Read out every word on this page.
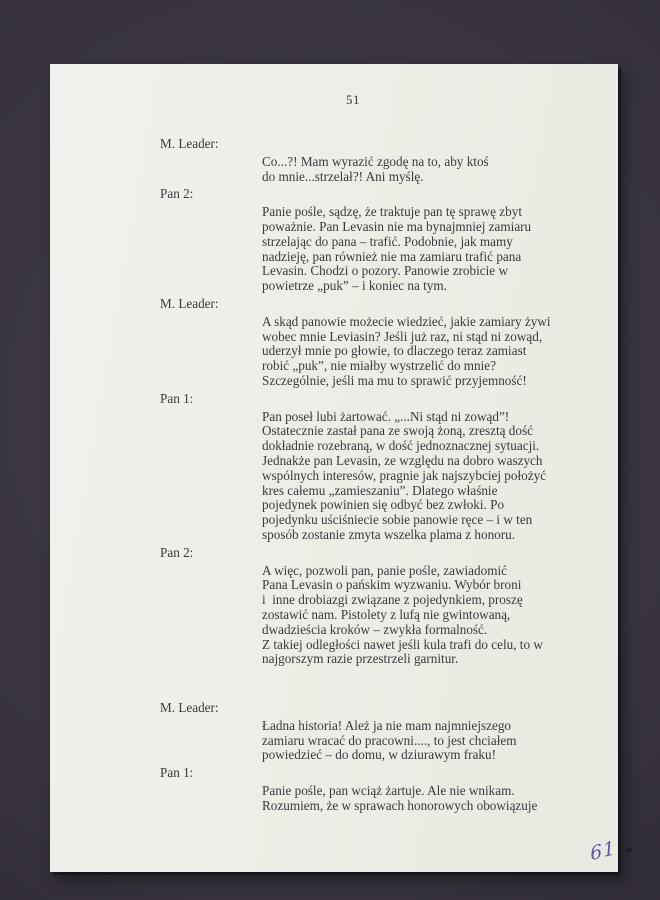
51
M. Leader:
Co...?! Mam wyrazić zgodę na to, aby ktoś
do mnie...strzelał?! Ani myślę.
Pan 2:
Panie pośle, sądzę, że traktuje pan tę sprawę zbyt
poważnie. Pan Levasin nie ma bynajmniej zamiaru
strzelając do pana – trafić. Podobnie, jak mamy
nadzieję, pan również nie ma zamiaru trafić pana
Levasin. Chodzi o pozory. Panowie zrobicie w
powietrze „puk” – i koniec na tym.
M. Leader:
A skąd panowie możecie wiedzieć, jakie zamiary żywi
wobec mnie Leviasin? Jeśli już raz, ni stąd ni zowąd,
uderzył mnie po głowie, to dlaczego teraz zamiast
robić „puk”, nie miałby wystrzelić do mnie?
Szczególnie, jeśli ma mu to sprawić przyjemność!
Pan 1:
Pan poseł lubi żartować. „...Ni stąd ni zowąd”!
Ostatecznie zastał pana ze swoją żoną, zresztą dość
dokładnie rozebraną, w dość jednoznacznej sytuacji.
Jednakże pan Levasin, ze względu na dobro waszych
wspólnych interesów, pragnie jak najszybciej położyć
kres całemu „zamieszaniu”. Dlatego właśnie
pojedynek powinien się odbyć bez zwłoki. Po
pojedynku uściśniecie sobie panowie ręce – i w ten
sposób zostanie zmyta wszelka plama z honoru.
Pan 2:
A więc, pozwoli pan, panie pośle, zawiadomić
Pana Levasin o pańskim wyzwaniu. Wybór broni
i  inne drobiazgi związane z pojedynkiem, proszę
zostawić nam. Pistolety z lufą nie gwintowaną,
dwadzieścia kroków – zwykła formalność.
Z takiej odległości nawet jeśli kula trafi do celu, to w
najgorszym razie przestrzeli garnitur.
M. Leader:
Ładna historia! Ależ ja nie mam najmniejszego
zamiaru wracać do pracowni...., to jest chciałem
powiedzieć – do domu, w dziurawym fraku!
Pan 1:
Panie pośle, pan wciąż żartuje. Ale nie wnikam.
Rozumiem, że w sprawach honorowych obowiązuje
61
